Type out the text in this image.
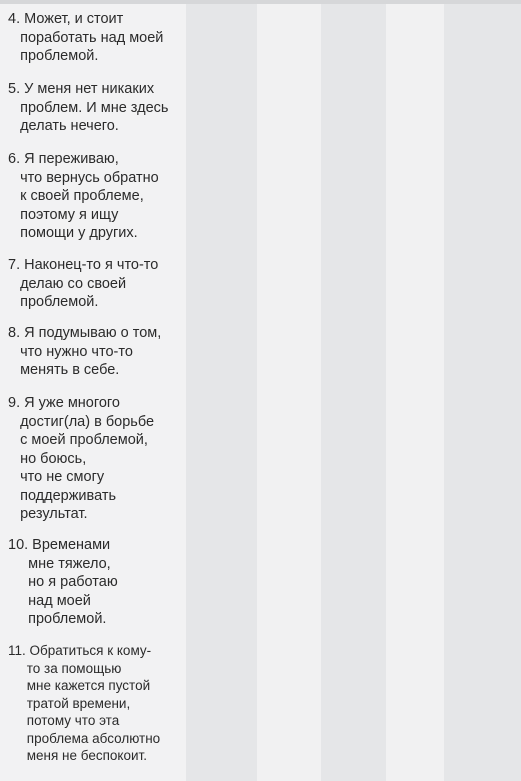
4. Может, и стоит
поработать над моей
проблемой.
5. У меня нет никаких
проблем. И мне здесь
делать нечего.
6. Я переживаю,
что вернусь обратно
к своей проблеме,
поэтому я ищу
помощи у других.
7. Наконец-то я что-то
делаю со своей
проблемой.
8. Я подумываю о том,
что нужно что-то
менять в себе.
9. Я уже многого
достиг(ла) в борьбе
с моей проблемой,
но боюсь,
что не смогу
поддерживать
результат.
10. Временами
мне тяжело,
но я работаю
над моей
проблемой.
11. Обратиться к кому-
то за помощью
мне кажется пустой
тратой времени,
потому что эта
проблема абсолютно
меня не беспокоит.
